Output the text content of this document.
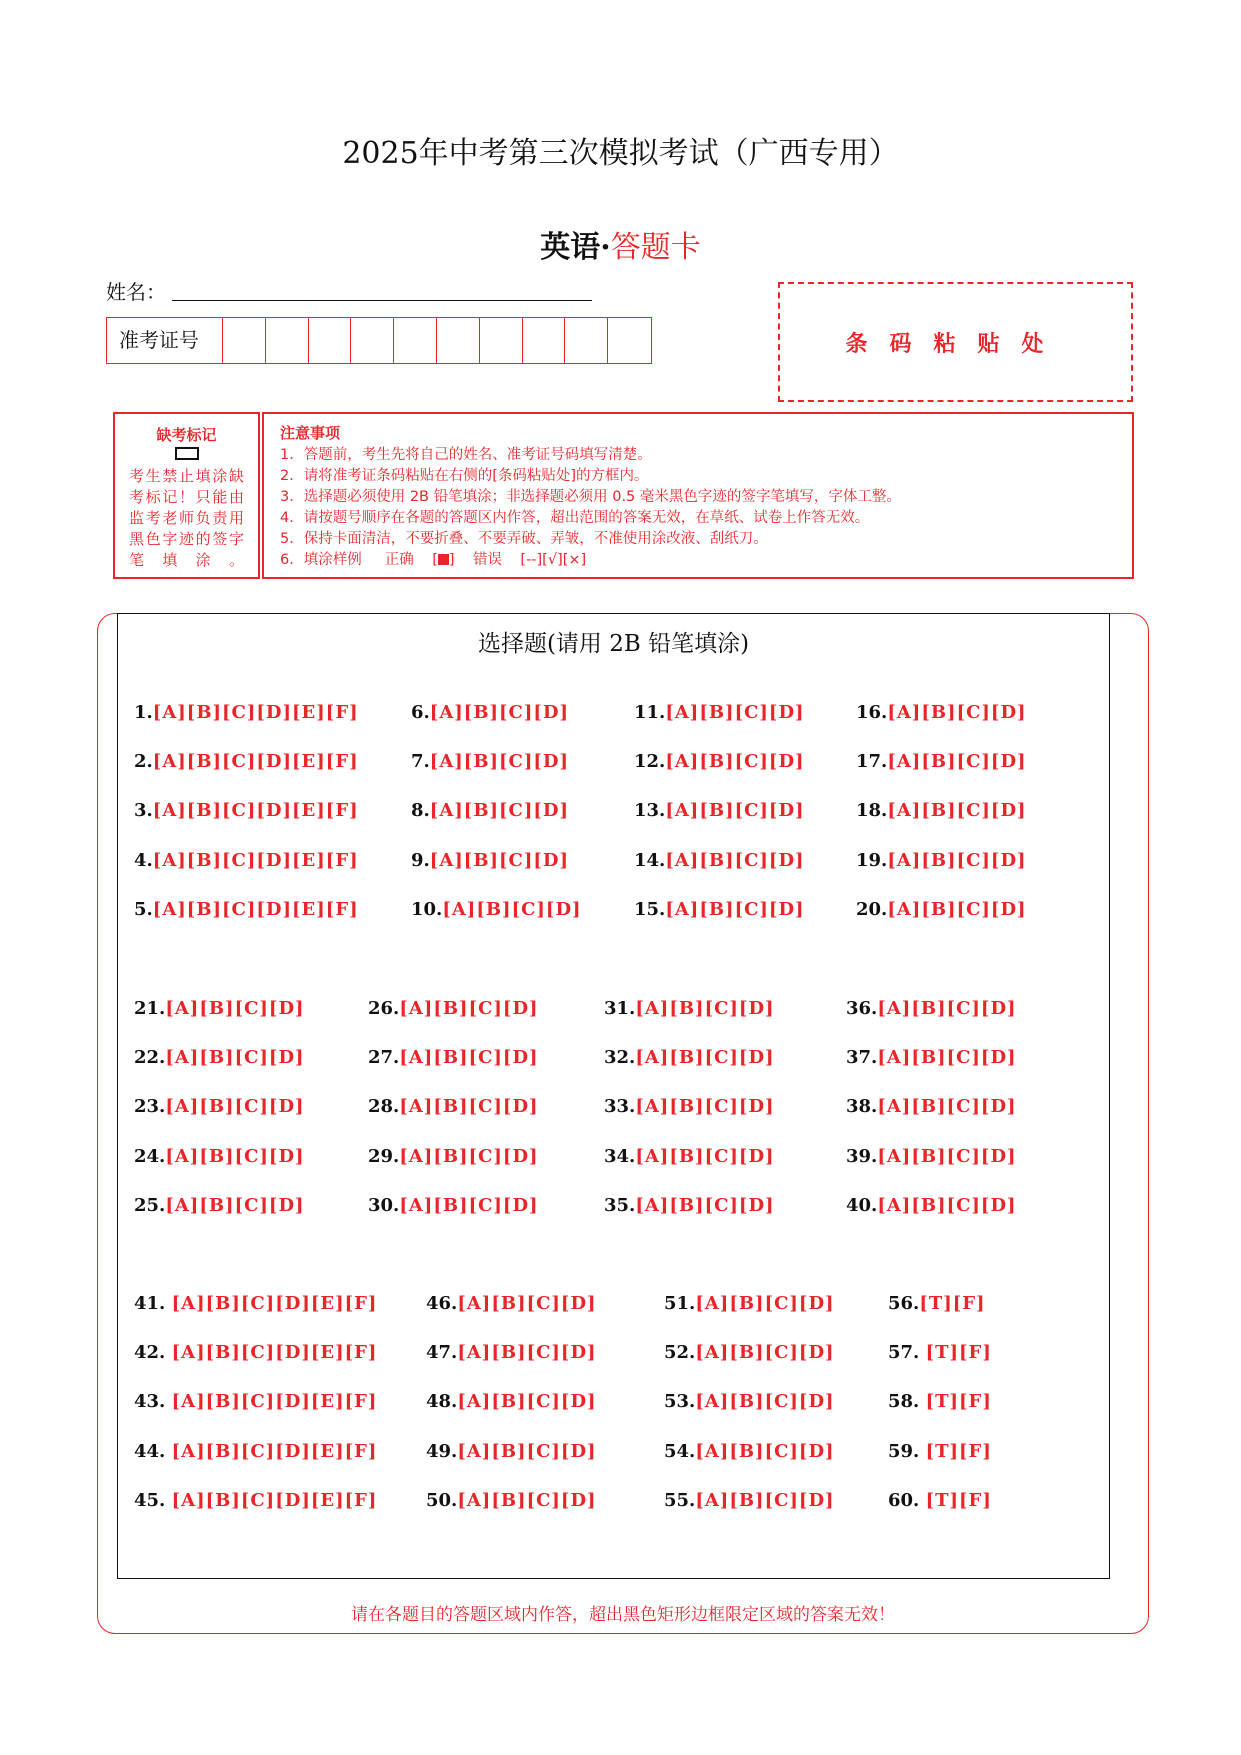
2025年中考第三次模拟考试（广西专用）
英语·答题卡
姓名：
准考证号	条码粘贴处
缺考标记
考生禁止填涂缺考标记！只能由监考老师负责用黑色字迹的签字笔填涂。
注意事项
1．答题前，考生先将自己的姓名、准考证号码填写清楚。
2．请将准考证条码粘贴在右侧的[条码粘贴处]的方框内。
3．选择题必须使用 2B 铅笔填涂；非选择题必须用 0.5 毫米黑色字迹的签字笔填写，字体工整。
4．请按题号顺序在各题的答题区内作答，超出范围的答案无效，在草纸、试卷上作答无效。
5．保持卡面清洁，不要折叠、不要弄破、弄皱，不准使用涂改液、刮纸刀。
6．填涂样例 正确    [ ]    错误 [--][√][×]
选择题(请用 2B 铅笔填涂)
1.[A][B][C][D][E][F]
2.[A][B][C][D][E][F]
3.[A][B][C][D][E][F]
4.[A][B][C][D][E][F]
5.[A][B][C][D][E][F]
6.[A][B][C][D]
7.[A][B][C][D]
8.[A][B][C][D]
9.[A][B][C][D]
10.[A][B][C][D]
11.[A][B][C][D]
12.[A][B][C][D]
13.[A][B][C][D]
14.[A][B][C][D]
15.[A][B][C][D]
16.[A][B][C][D]
17.[A][B][C][D]
18.[A][B][C][D]
19.[A][B][C][D]
20.[A][B][C][D]
21.[A][B][C][D]
22.[A][B][C][D]
23.[A][B][C][D]
24.[A][B][C][D]
25.[A][B][C][D]
26.[A][B][C][D]
27.[A][B][C][D]
28.[A][B][C][D]
29.[A][B][C][D]
30.[A][B][C][D]
31.[A][B][C][D]
32.[A][B][C][D]
33.[A][B][C][D]
34.[A][B][C][D]
35.[A][B][C][D]
36.[A][B][C][D]
37.[A][B][C][D]
38.[A][B][C][D]
39.[A][B][C][D]
40.[A][B][C][D]
41. [A][B][C][D][E][F]
42. [A][B][C][D][E][F]
43. [A][B][C][D][E][F]
44. [A][B][C][D][E][F]
45. [A][B][C][D][E][F]
46.[A][B][C][D]
47.[A][B][C][D]
48.[A][B][C][D]
49.[A][B][C][D]
50.[A][B][C][D]
51.[A][B][C][D]
52.[A][B][C][D]
53.[A][B][C][D]
54.[A][B][C][D]
55.[A][B][C][D]
56.[T][F]
57. [T][F]
58. [T][F]
59. [T][F]
60. [T][F]
请在各题目的答题区域内作答，超出黑色矩形边框限定区域的答案无效！
